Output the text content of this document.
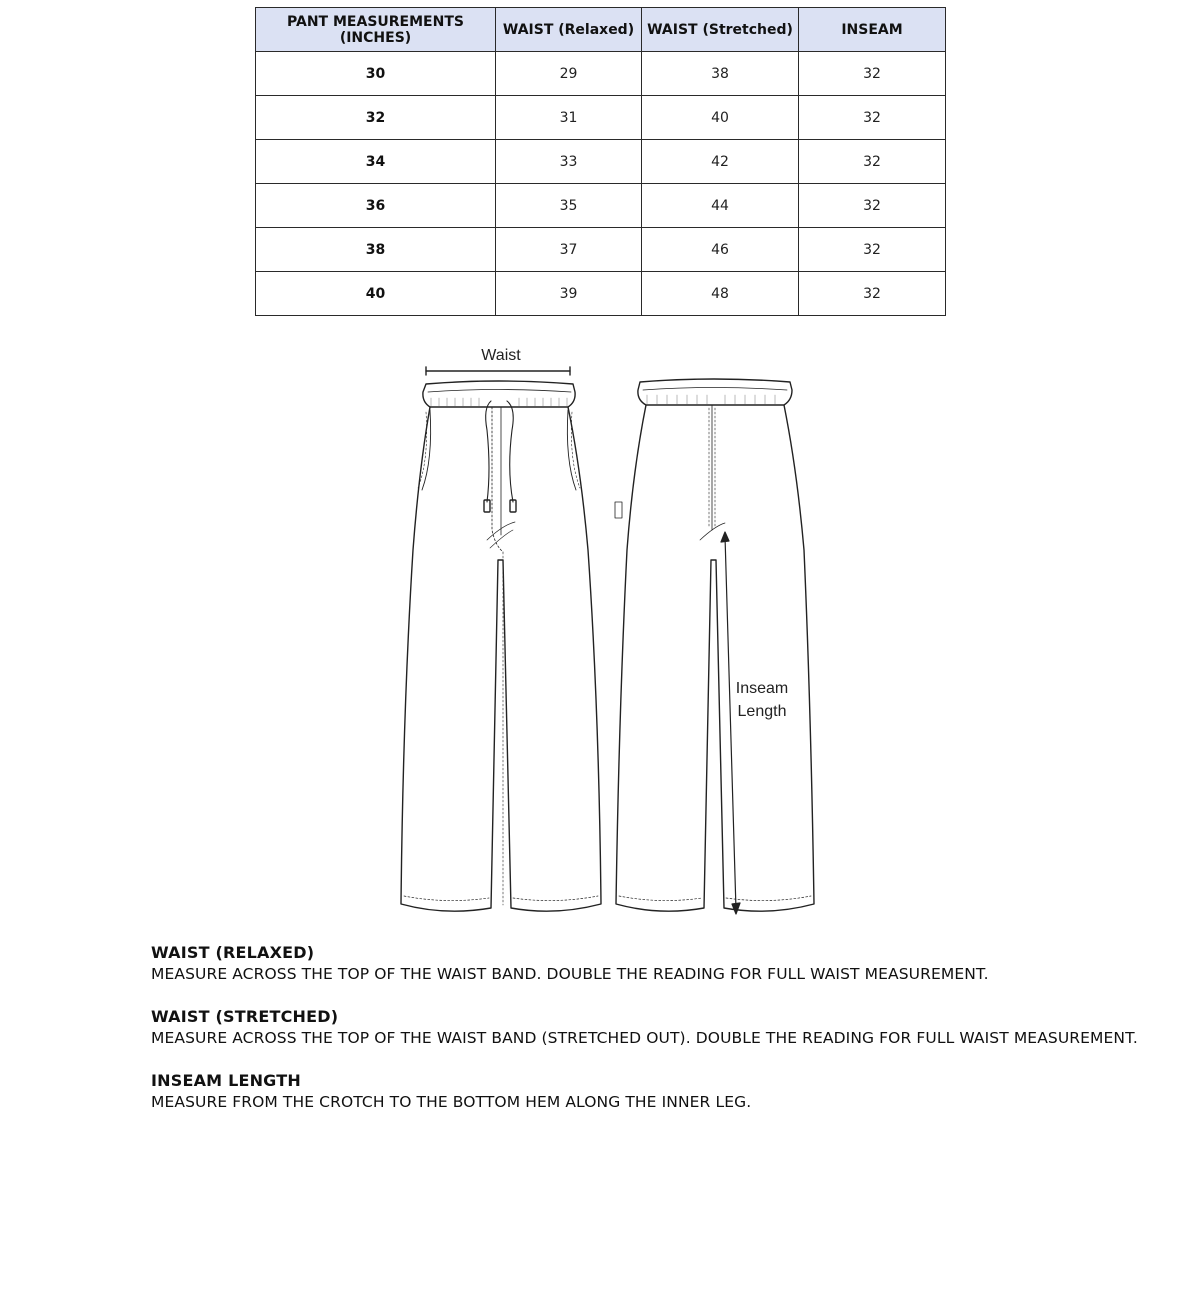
PANT MEASUREMENTS (INCHES)	WAIST (Relaxed)	WAIST (Stretched)	INSEAM
30	29	38	32
32	31	40	32
34	33	42	32
36	35	44	32
38	37	46	32
40	39	48	32
Waist
Inseam
Length
WAIST (RELAXED)
MEASURE ACROSS THE TOP OF THE WAIST BAND. DOUBLE THE READING FOR FULL WAIST MEASUREMENT.
WAIST (STRETCHED)
MEASURE ACROSS THE TOP OF THE WAIST BAND (STRETCHED OUT). DOUBLE THE READING FOR FULL WAIST MEASUREMENT.
INSEAM LENGTH
MEASURE FROM THE CROTCH TO THE BOTTOM HEM ALONG THE INNER LEG.
